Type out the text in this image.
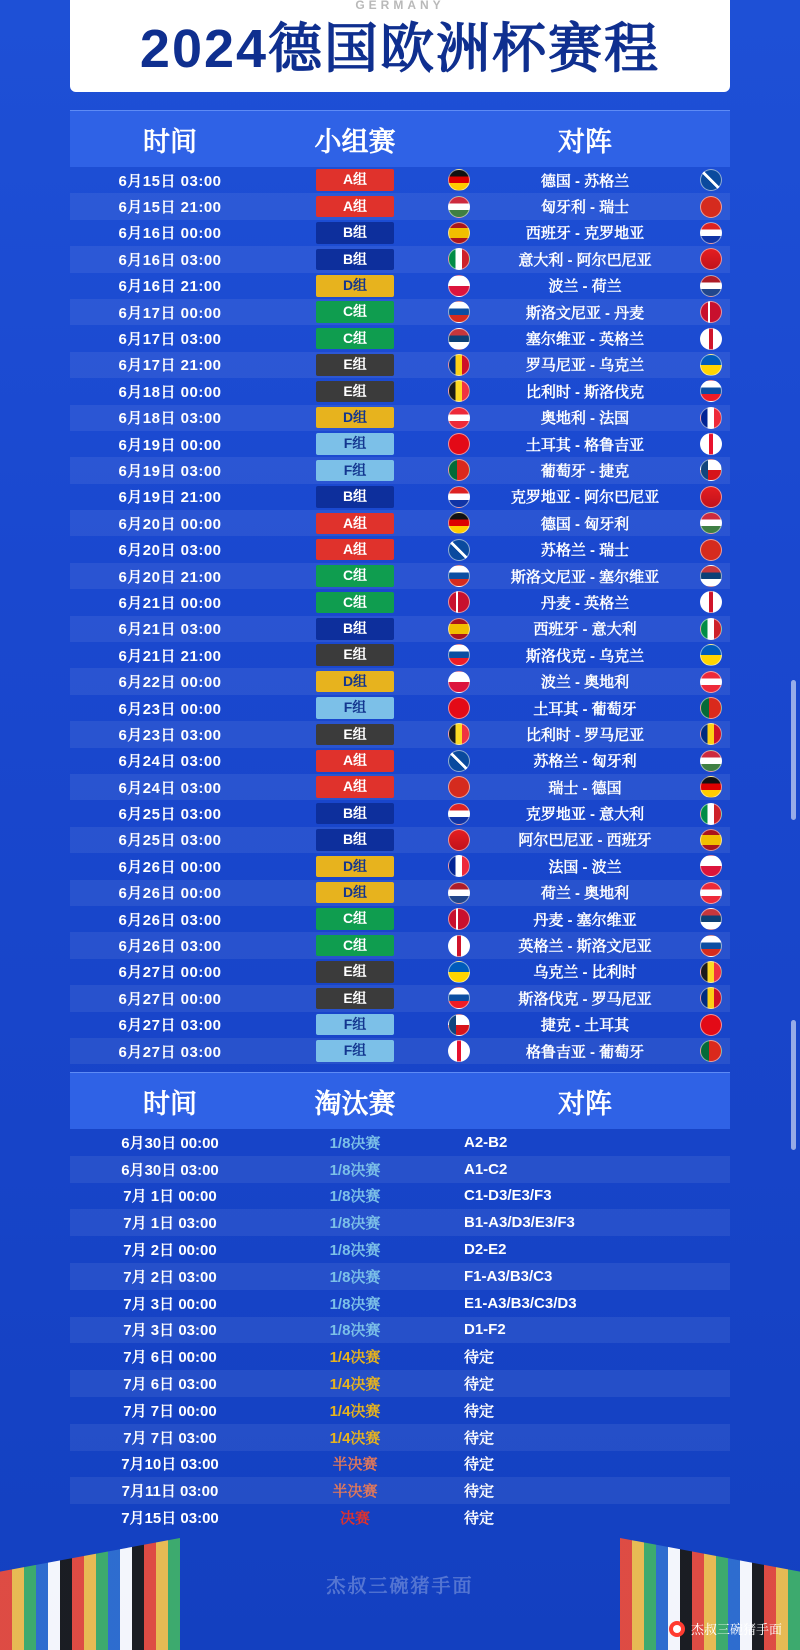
GERMANY
2024德国欧洲杯赛程
时间	小组赛	对阵
6月15日 03:00	A组	德国 - 苏格兰
6月15日 21:00	A组	匈牙利 - 瑞士
6月16日 00:00	B组	西班牙 - 克罗地亚
6月16日 03:00	B组	意大利 - 阿尔巴尼亚
6月16日 21:00	D组	波兰 - 荷兰
6月17日 00:00	C组	斯洛文尼亚 - 丹麦
6月17日 03:00	C组	塞尔维亚 - 英格兰
6月17日 21:00	E组	罗马尼亚 - 乌克兰
6月18日 00:00	E组	比利时 - 斯洛伐克
6月18日 03:00	D组	奥地利 - 法国
6月19日 00:00	F组	土耳其 - 格鲁吉亚
6月19日 03:00	F组	葡萄牙 - 捷克
6月19日 21:00	B组	克罗地亚 - 阿尔巴尼亚
6月20日 00:00	A组	德国 - 匈牙利
6月20日 03:00	A组	苏格兰 - 瑞士
6月20日 21:00	C组	斯洛文尼亚 - 塞尔维亚
6月21日 00:00	C组	丹麦 - 英格兰
6月21日 03:00	B组	西班牙 - 意大利
6月21日 21:00	E组	斯洛伐克 - 乌克兰
6月22日 00:00	D组	波兰 - 奥地利
6月23日 00:00	F组	土耳其 - 葡萄牙
6月23日 03:00	E组	比利时 - 罗马尼亚
6月24日 03:00	A组	苏格兰 - 匈牙利
6月24日 03:00	A组	瑞士 - 德国
6月25日 03:00	B组	克罗地亚 - 意大利
6月25日 03:00	B组	阿尔巴尼亚 - 西班牙
6月26日 00:00	D组	法国 - 波兰
6月26日 00:00	D组	荷兰 - 奥地利
6月26日 03:00	C组	丹麦 - 塞尔维亚
6月26日 03:00	C组	英格兰 - 斯洛文尼亚
6月27日 00:00	E组	乌克兰 - 比利时
6月27日 00:00	E组	斯洛伐克 - 罗马尼亚
6月27日 03:00	F组	捷克 - 土耳其
6月27日 03:00	F组	格鲁吉亚 - 葡萄牙
时间	淘汰赛	对阵
6月30日 00:00	1/8决赛	A2-B2
6月30日 03:00	1/8决赛	A1-C2
7月 1日 00:00	1/8决赛	C1-D3/E3/F3
7月 1日 03:00	1/8决赛	B1-A3/D3/E3/F3
7月 2日 00:00	1/8决赛	D2-E2
7月 2日 03:00	1/8决赛	F1-A3/B3/C3
7月 3日 00:00	1/8决赛	E1-A3/B3/C3/D3
7月 3日 03:00	1/8决赛	D1-F2
7月 6日 00:00	1/4决赛	待定
7月 6日 03:00	1/4决赛	待定
7月 7日 00:00	1/4决赛	待定
7月 7日 03:00	1/4决赛	待定
7月10日 03:00	半决赛	待定
7月11日 03:00	半决赛	待定
7月15日 03:00	决赛	待定
杰叔三碗猪手面
杰叔三碗猪手面
